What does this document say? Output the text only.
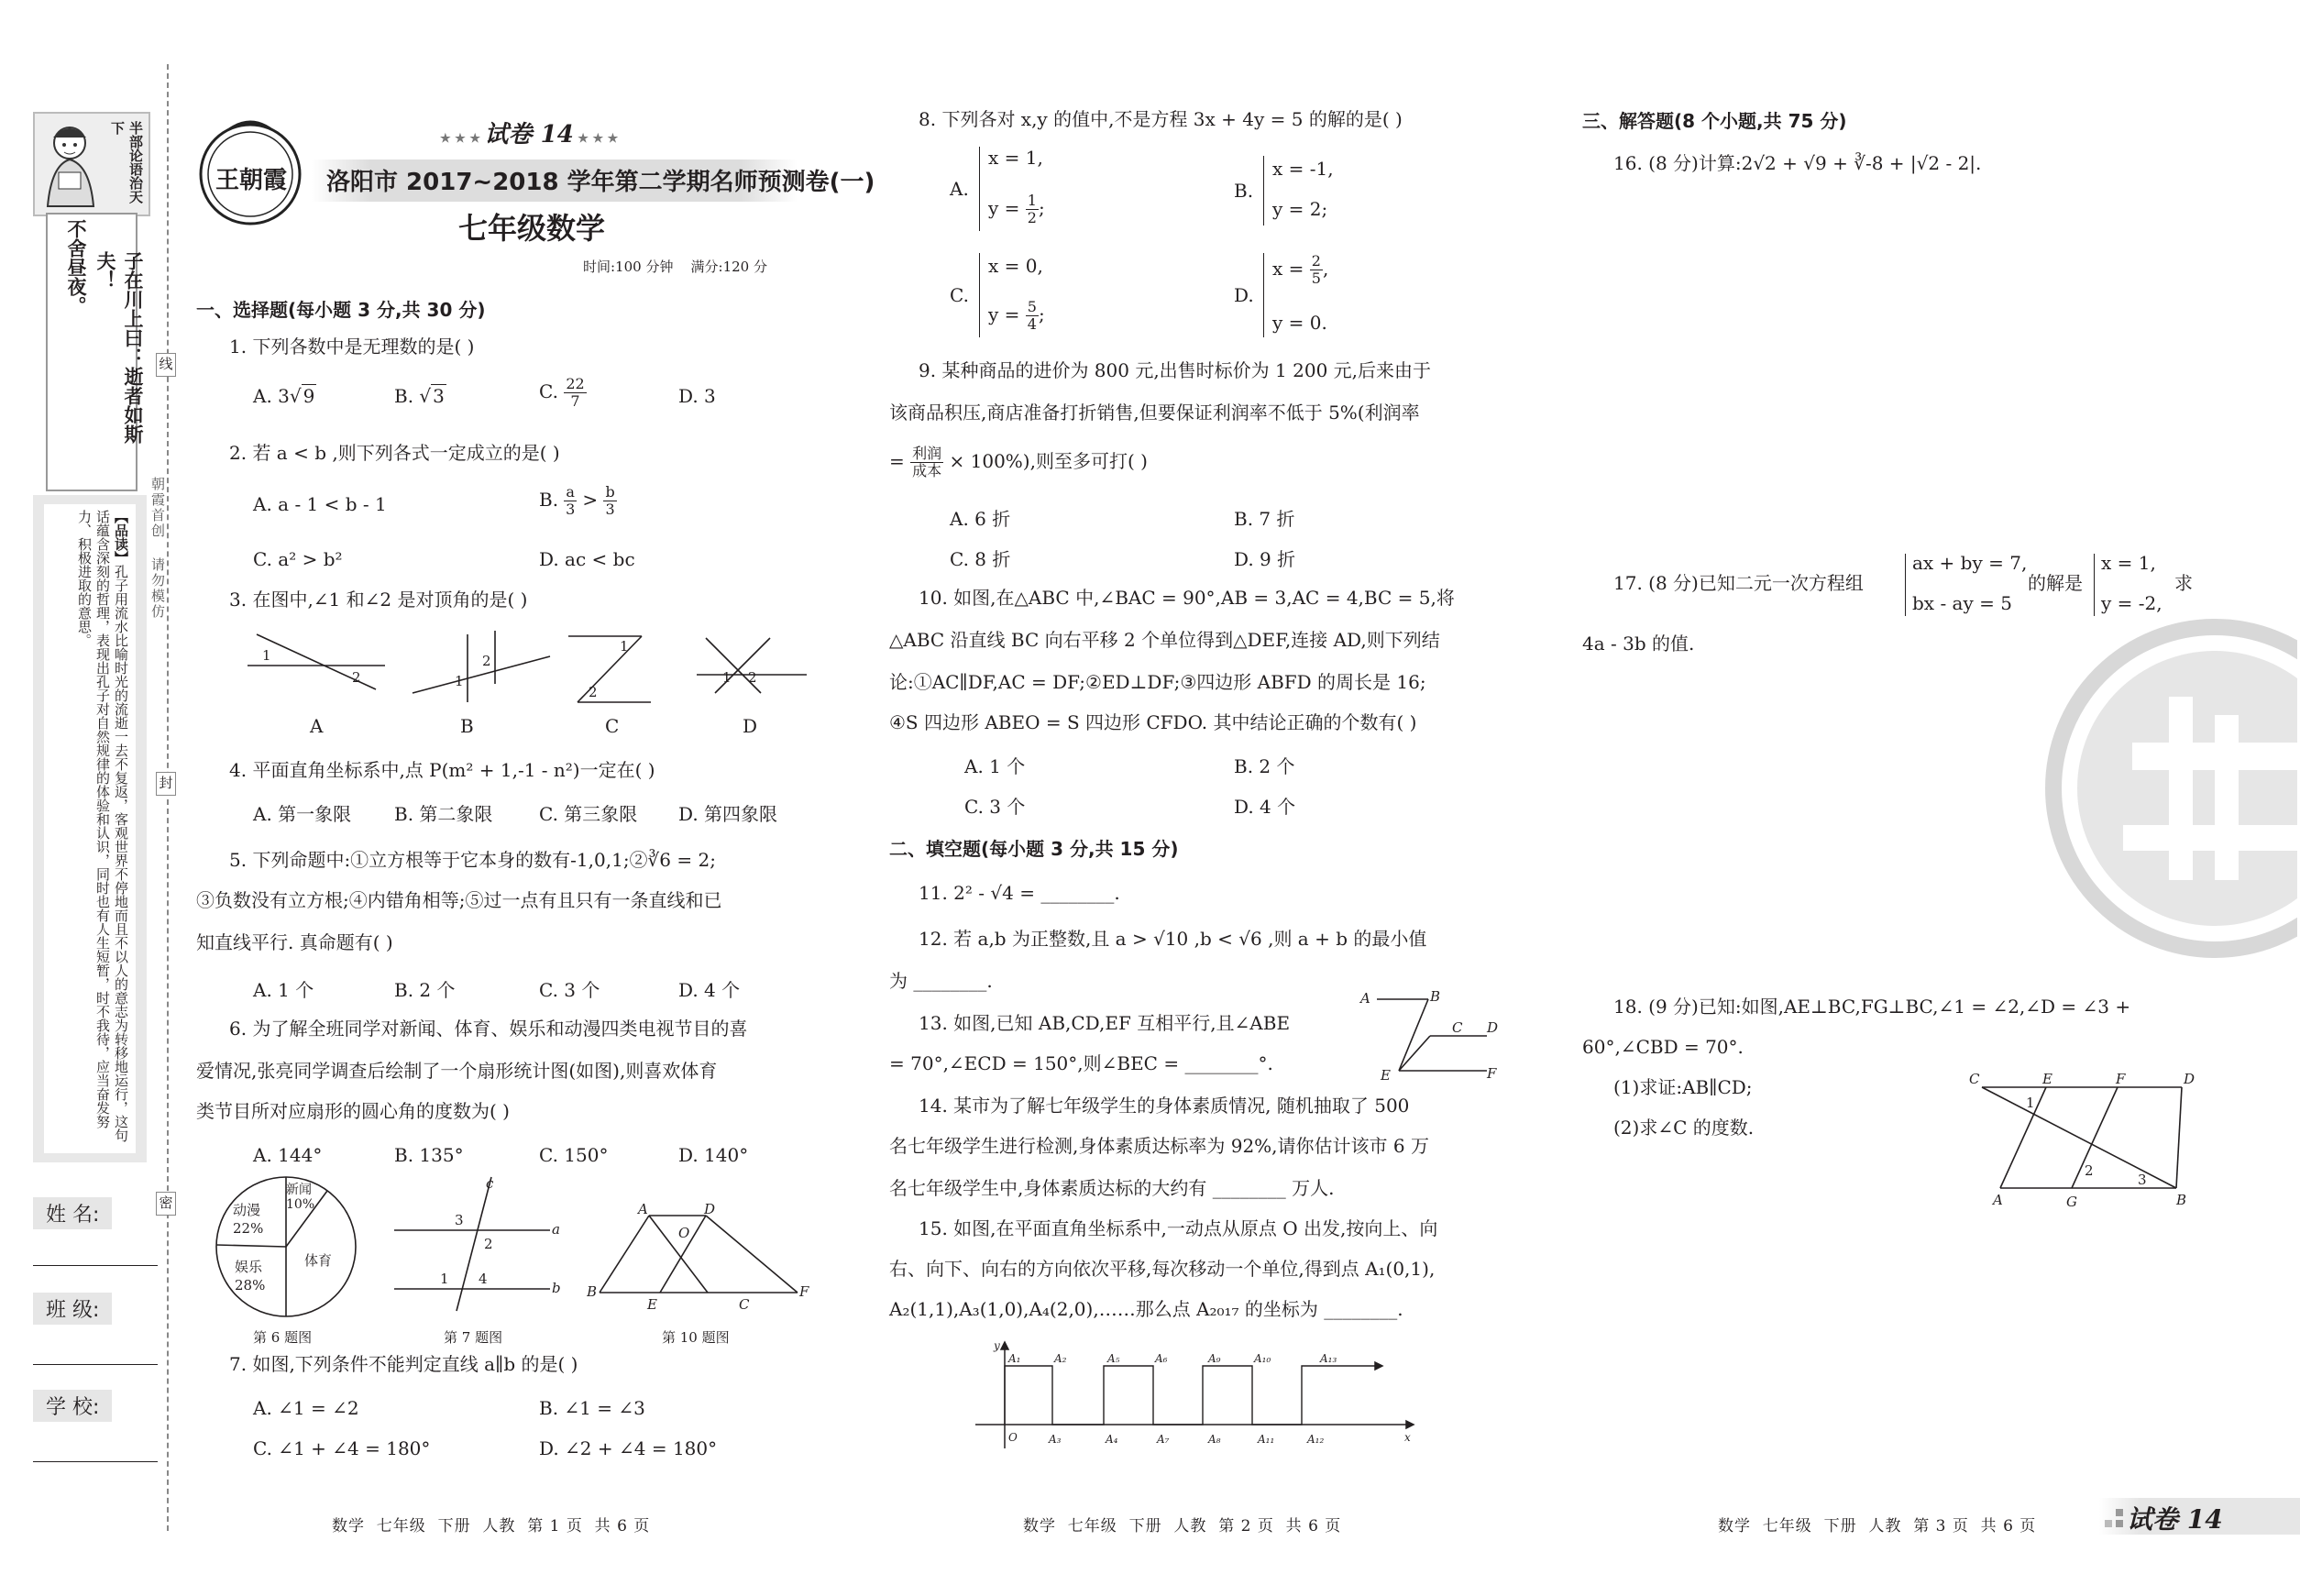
半部论语治天下
子在川上曰：逝者如斯夫！
不舍昼夜。
【品读】孔子用流水比喻时光的流逝一去不复返，客观世界不停地而且不以人的意志为转移地运行，这句话蕴含深刻的哲理，表现出孔子对自然规律的体验和认识，同时也有人生短暂，时不我待，应当奋发努力、积极进取的意思。
线
封
密
朝霞首创 请勿模仿
姓 名:
班 级:
学 校:
王朝霞
★ ★ ★ 试卷 14 ★ ★ ★
洛阳市 2017~2018 学年第二学期名师预测卷(一)
七年级数学
时间:100 分钟    满分:120 分
一、选择题(每小题 3 分,共 30 分)
1. 下列各数中是无理数的是( )
A. 3√ 9	B. √ 3	C. $\frac{22}{7}$	D. 3
2. 若 a < b ,则下列各式一定成立的是( )
A. a - 1 < b - 1	B. $\frac{a}{3} > \frac{b}{3}$
C. a² > b²	D. ac < bc
3. 在图中,∠1 和∠2 是对顶角的是( )
1
2	1
2
1
2
1 2
A	B	C	D
4. 平面直角坐标系中,点 P(m² + 1,-1 - n²)一定在( )
A. 第一象限 B. 第二象限	C. 第三象限 D. 第四象限
5. 下列命题中:①立方根等于它本身的数有-1,0,1;②∛6 = 2;
③负数没有立方根;④内错角相等;⑤过一点有且只有一条直线和已
知直线平行. 真命题有( )
A. 1 个	B. 2 个	C. 3 个	D. 4 个
6. 为了解全班同学对新闻、体育、娱乐和动漫四类电视节目的喜
爱情况,张亮同学调查后绘制了一个扇形统计图(如图),则喜欢体育
类节目所对应扇形的圆心角的度数为( )
A. 144°	B. 135°	C. 150°	D. 140°
新闻
10%
动漫
22%
娱乐
28%
体育
第 6 题图
c
a
b
3
2
1 4
第 7 题图
A	D
O
B
E	C
F
第 10 题图
7. 如图,下列条件不能判定直线 a∥b 的是( )
A. ∠1 = ∠2	B. ∠1 = ∠3
C. ∠1 + ∠4 = 180°	D. ∠2 + ∠4 = 180°
数学  七年级  下册  人教  第 1 页  共 6 页
8. 下列各对 x,y 的值中,不是方程 3x + 4y = 5 的解的是( )
A.
x = 1,
$y = \frac{1}{2}$ ;
B.
x = -1,
y = 2;
C.
x = 0,
$y = \frac{5}{4}$ ;
D.
$x = \frac{2}{5}$ ,
y = 0.
9. 某种商品的进价为 800 元,出售时标价为 1 200 元,后来由于
该商品积压,商店准备打折销售,但要保证利润率不低于 5%(利润率
= $\frac{\text{利润}}{\text{成本}} \times 100\%$),则至多可打( )
A. 6 折	B. 7 折
C. 8 折	D. 9 折
10. 如图,在△ABC 中,∠BAC = 90°,AB = 3,AC = 4,BC = 5,将
△ABC 沿直线 BC 向右平移 2 个单位得到△DEF,连接 AD,则下列结
论:①AC∥DF,AC = DF;②ED⊥DF;③四边形 ABFD 的周长是 16;
④S 四边形 ABEO = S 四边形 CFDO. 其中结论正确的个数有( )
A. 1 个	B. 2 个
C. 3 个	D. 4 个
二、填空题(每小题 3 分,共 15 分)
11. 2² - √4 = ________.
12. 若 a,b 为正整数,且 a > √10 ,b < √6 ,则 a + b 的最小值
为 ________.
13. 如图,已知 AB,CD,EF 互相平行,且∠ABE
= 70°,∠ECD = 150°,则∠BEC = ________°.
A	B
C D
E	F
14. 某市为了解七年级学生的身体素质情况, 随机抽取了 500
名七年级学生进行检测,身体素质达标率为 92%,请你估计该市 6 万
名七年级学生中,身体素质达标的大约有 ________ 万人.
15. 如图,在平面直角坐标系中,一动点从原点 O 出发,按向上、向
右、向下、向右的方向依次平移,每次移动一个单位,得到点 A₁(0,1),
A₂(1,1),A₃(1,0),A₄(2,0),……那么点 A₂₀₁₇ 的坐标为 ________.
y
x
O
A₁	A₂
A₃	A₄
A₅	A₆
A₇	A₈
A₉	A₁₀
A₁₁	A₁₂
A₁₃
数学  七年级  下册  人教  第 2 页  共 6 页
三、解答题(8 个小题,共 75 分)
16. (8 分)计算:2√2 + √9 + ∛-8 + |√2 - 2|.
17. (8 分)已知二元一次方程组
ax + by = 7,
bx - ay = 5
的解是
x = 1,
y = -2,
求
4a - 3b 的值.
18. (9 分)已知:如图,AE⊥BC,FG⊥BC,∠1 = ∠2,∠D = ∠3 +
60°,∠CBD = 70°.
(1)求证:AB∥CD;
(2)求∠C 的度数.
C	E	F	D
A	G	B
1
2
3
数学  七年级  下册  人教  第 3 页  共 6 页	试卷 14
